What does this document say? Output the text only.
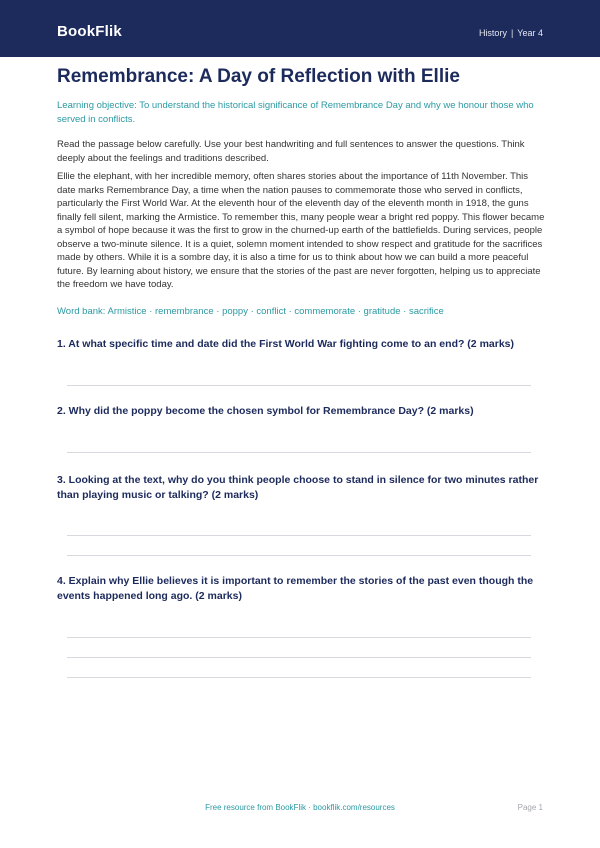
BookFlik	History | Year 4
Remembrance: A Day of Reflection with Ellie

Learning objective: To understand the historical significance of Remembrance Day and why we honour those who served in conflicts.

Read the passage below carefully. Use your best handwriting and full sentences to answer the questions. Think deeply about the feelings and traditions described.

Ellie the elephant, with her incredible memory, often shares stories about the importance of 11th November. This date marks Remembrance Day, a time when the nation pauses to commemorate those who served in conflicts, particularly the First World War. At the eleventh hour of the eleventh day of the eleventh month in 1918, the guns finally fell silent, marking the Armistice. To remember this, many people wear a bright red poppy. This flower became a symbol of hope because it was the first to grow in the churned-up earth of the battlefields. During services, people observe a two-minute silence. It is a quiet, solemn moment intended to show respect and gratitude for the sacrifices made by others. While it is a sombre day, it is also a time for us to think about how we can build a more peaceful future. By learning about history, we ensure that the stories of the past are never forgotten, helping us to appreciate the freedom we have today.

Word bank: Armistice · remembrance · poppy · conflict · commemorate · gratitude · sacrifice

1. At what specific time and date did the First World War fighting come to an end? (2 marks)

2. Why did the poppy become the chosen symbol for Remembrance Day? (2 marks)

3. Looking at the text, why do you think people choose to stand in silence for two minutes rather than playing music or talking? (2 marks)

4. Explain why Ellie believes it is important to remember the stories of the past even though the events happened long ago. (2 marks)

Free resource from BookFlik · bookflik.com/resources	Page 1
